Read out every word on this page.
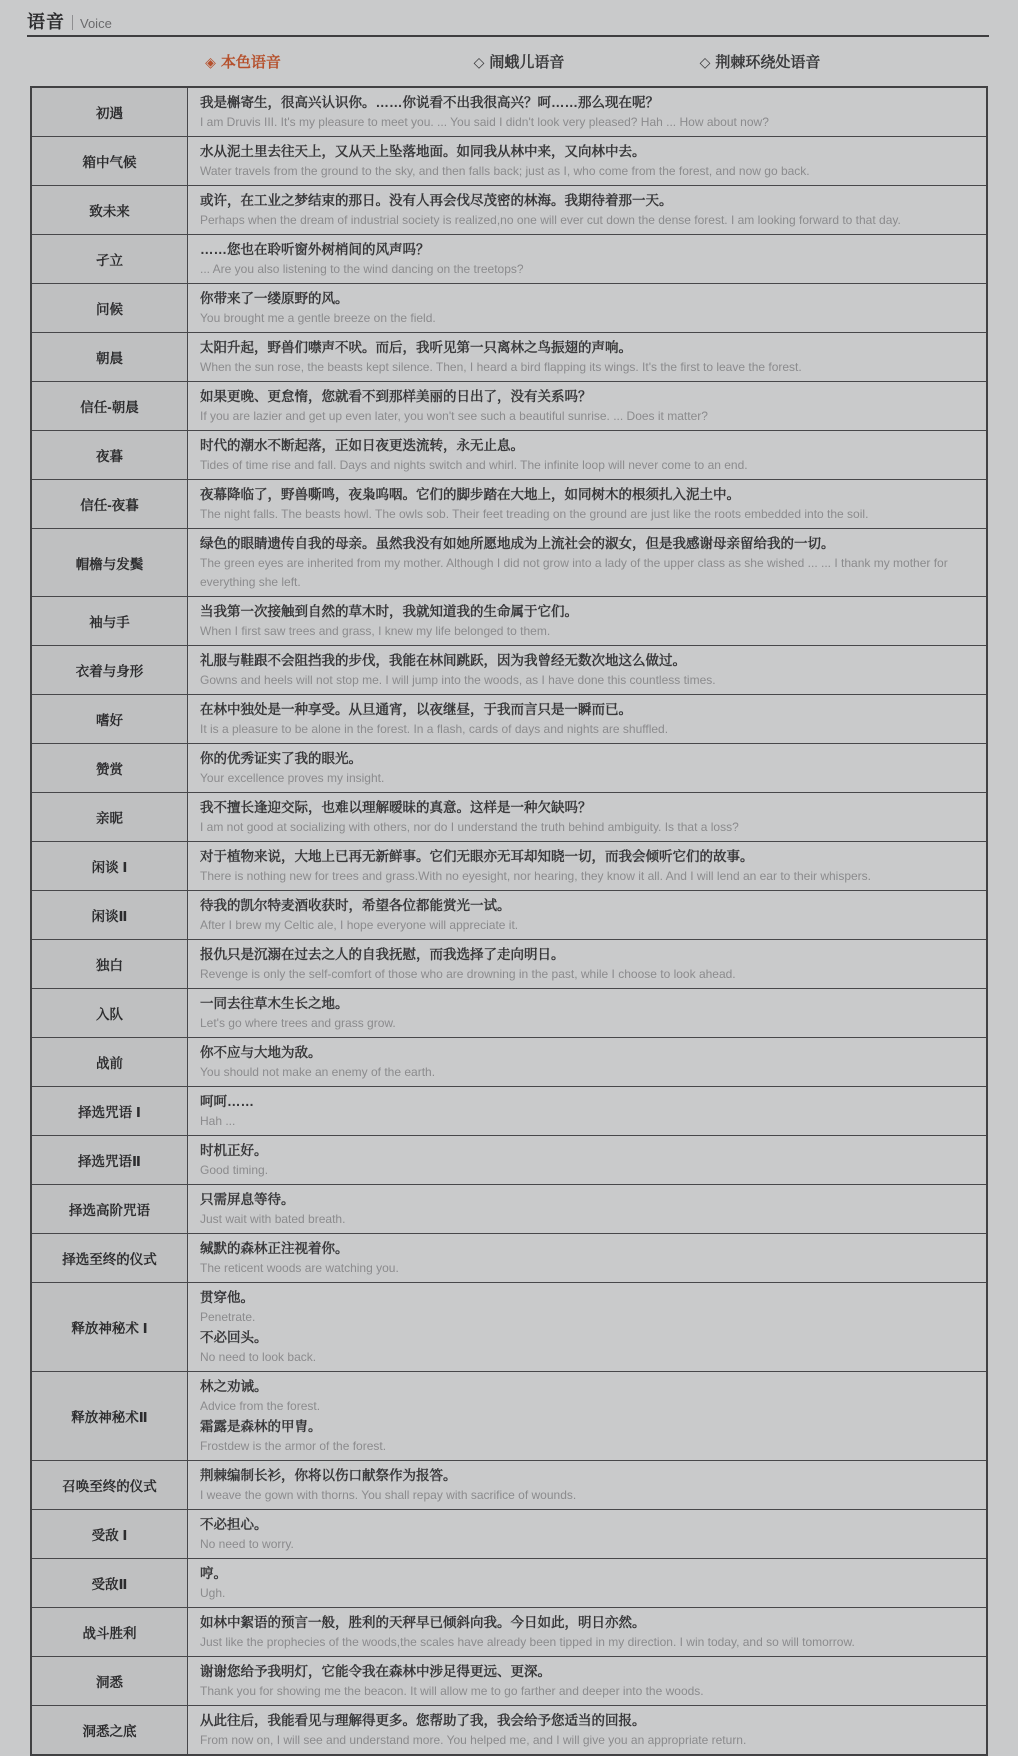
语音 Voice
◈ 本色语音	◇ 闹蛾儿语音	◇ 荆棘环绕处语音
初遇	我是槲寄生，很高兴认识你。……你说看不出我很高兴？呵……那么现在呢？
I am Druvis III. It's my pleasure to meet you. ... You said I didn't look very pleased? Hah ... How about now?

箱中气候	水从泥土里去往天上，又从天上坠落地面。如同我从林中来，又向林中去。
Water travels from the ground to the sky, and then falls back; just as I, who come from the forest, and now go back.

致未来	或许，在工业之梦结束的那日。没有人再会伐尽茂密的林海。我期待着那一天。
Perhaps when the dream of industrial society is realized,no one will ever cut down the dense forest. I am looking forward to that day.

孑立	……您也在聆听窗外树梢间的风声吗？
... Are you also listening to the wind dancing on the treetops?

问候	你带来了一缕原野的风。
You brought me a gentle breeze on the field.

朝晨	太阳升起，野兽们噤声不吠。而后，我听见第一只离林之鸟振翅的声响。
When the sun rose, the beasts kept silence. Then, I heard a bird flapping its wings. It's the first to leave the forest.

信任-朝晨	如果更晚、更怠惰，您就看不到那样美丽的日出了，没有关系吗？
If you are lazier and get up even later, you won't see such a beautiful sunrise. ... Does it matter?

夜暮	时代的潮水不断起落，正如日夜更迭流转，永无止息。
Tides of time rise and fall. Days and nights switch and whirl. The infinite loop will never come to an end.

信任-夜暮	夜幕降临了，野兽嘶鸣，夜枭呜咽。它们的脚步踏在大地上，如同树木的根须扎入泥土中。
The night falls. The beasts howl. The owls sob. Their feet treading on the ground are just like the roots embedded into the soil.

帽檐与发鬓	绿色的眼睛遗传自我的母亲。虽然我没有如她所愿地成为上流社会的淑女，但是我感谢母亲留给我的一切。
The green eyes are inherited from my mother. Although I did not grow into a lady of the upper class as she wished ... ... I thank my mother for everything she left.

袖与手	当我第一次接触到自然的草木时，我就知道我的生命属于它们。
When I first saw trees and grass, I knew my life belonged to them.

衣着与身形	礼服与鞋跟不会阻挡我的步伐，我能在林间跳跃，因为我曾经无数次地这么做过。
Gowns and heels will not stop me. I will jump into the woods, as I have done this countless times.

嗜好	在林中独处是一种享受。从旦通宵，以夜继昼，于我而言只是一瞬而已。
It is a pleasure to be alone in the forest. In a flash, cards of days and nights are shuffled.

赞赏	你的优秀证实了我的眼光。
Your excellence proves my insight.

亲昵	我不擅长逢迎交际，也难以理解暧昧的真意。这样是一种欠缺吗？
I am not good at socializing with others, nor do I understand the truth behind ambiguity. Is that a loss?

闲谈 Ⅰ	对于植物来说，大地上已再无新鲜事。它们无眼亦无耳却知晓一切，而我会倾听它们的故事。
There is nothing new for trees and grass.With no eyesight, nor hearing, they know it all. And I will lend an ear to their whispers.

闲谈Ⅱ	待我的凯尔特麦酒收获时，希望各位都能赏光一试。
After I brew my Celtic ale, I hope everyone will appreciate it.

独白	报仇只是沉溺在过去之人的自我抚慰，而我选择了走向明日。
Revenge is only the self-comfort of those who are drowning in the past, while I choose to look ahead.

入队	一同去往草木生长之地。
Let's go where trees and grass grow.

战前	你不应与大地为敌。
You should not make an enemy of the earth.

择选咒语 Ⅰ	呵呵……
Hah ...

择选咒语Ⅱ	时机正好。
Good timing.

择选高阶咒语	只需屏息等待。
Just wait with bated breath.

择选至终的仪式	缄默的森林正注视着你。
The reticent woods are watching you.

释放神秘术 Ⅰ	贯穿他。
Penetrate.
不必回头。
No need to look back.

释放神秘术Ⅱ	林之劝诫。
Advice from the forest.
霜露是森林的甲胄。
Frostdew is the armor of the forest.

召唤至终的仪式	荆棘编制长衫，你将以伤口献祭作为报答。
I weave the gown with thorns. You shall repay with sacrifice of wounds.

受敌 Ⅰ	不必担心。
No need to worry.

受敌Ⅱ	哼。
Ugh.

战斗胜利	如林中絮语的预言一般，胜利的天秤早已倾斜向我。今日如此，明日亦然。
Just like the prophecies of the woods,the scales have already been tipped in my direction. I win today, and so will tomorrow.

洞悉	谢谢您给予我明灯，它能令我在森林中涉足得更远、更深。
Thank you for showing me the beacon. It will allow me to go farther and deeper into the woods.

洞悉之底	从此往后，我能看见与理解得更多。您帮助了我，我会给予您适当的回报。
From now on, I will see and understand more. You helped me, and I will give you an appropriate return.
